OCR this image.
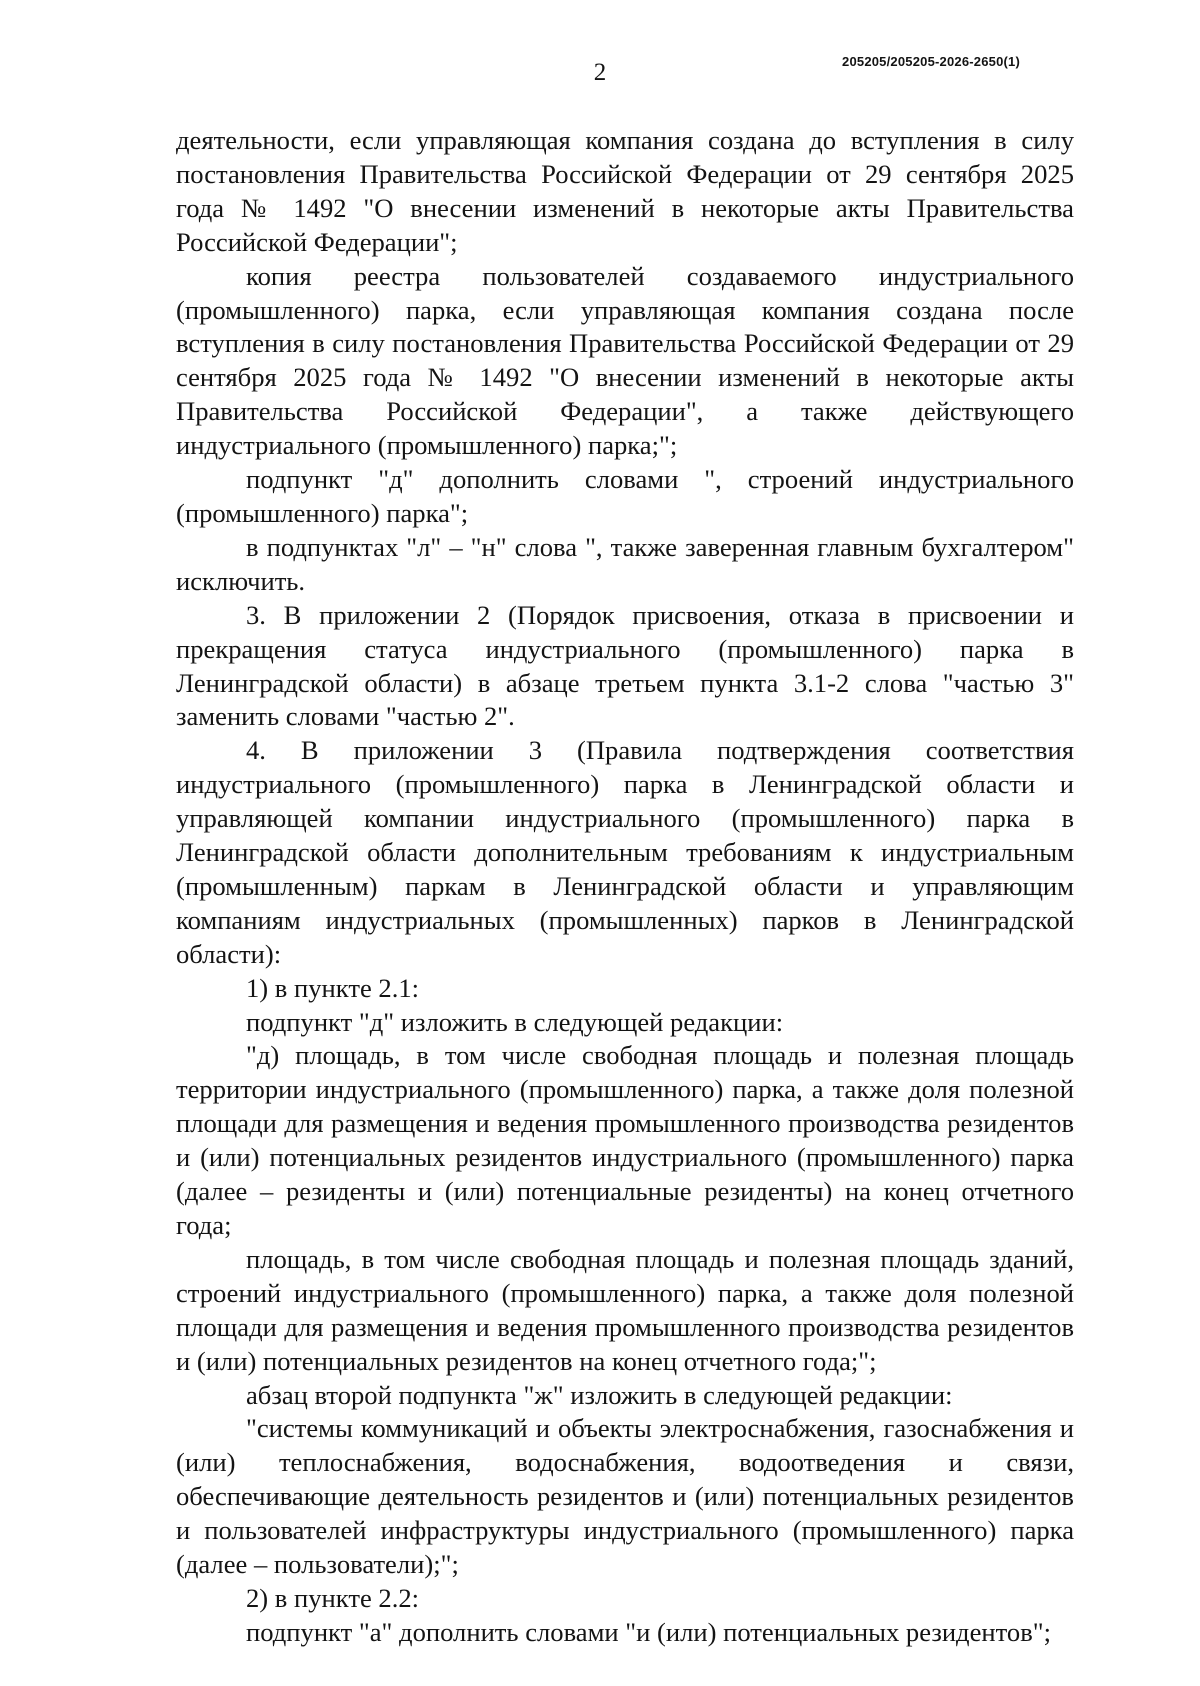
2	205205/205205-2026-2650(1)

деятельности, если управляющая компания создана до вступления в силу постановления Правительства Российской Федерации от 29 сентября 2025 года № 1492 "О внесении изменений в некоторые акты Правительства Российской Федерации";

копия реестра пользователей создаваемого индустриального (промышленного) парка, если управляющая компания создана после вступления в силу постановления Правительства Российской Федерации от 29 сентября 2025 года № 1492 "О внесении изменений в некоторые акты Правительства Российской Федерации", а также действующего индустриального (промышленного) парка;";

подпункт "д" дополнить словами ", строений индустриального (промышленного) парка";

в подпунктах "л" – "н" слова ", также заверенная главным бухгалтером" исключить.

3. В приложении 2 (Порядок присвоения, отказа в присвоении и прекращения статуса индустриального (промышленного) парка в Ленинградской области) в абзаце третьем пункта 3.1-2 слова "частью 3" заменить словами "частью 2".

4. В приложении 3 (Правила подтверждения соответствия индустриального (промышленного) парка в Ленинградской области и управляющей компании индустриального (промышленного) парка в Ленинградской области дополнительным требованиям к индустриальным (промышленным) паркам в Ленинградской области и управляющим компаниям индустриальных (промышленных) парков в Ленинградской области):

1) в пункте 2.1:

подпункт "д" изложить в следующей редакции:

"д) площадь, в том числе свободная площадь и полезная площадь территории индустриального (промышленного) парка, а также доля полезной площади для размещения и ведения промышленного производства резидентов и (или) потенциальных резидентов индустриального (промышленного) парка (далее – резиденты и (или) потенциальные резиденты) на конец отчетного года;

площадь, в том числе свободная площадь и полезная площадь зданий, строений индустриального (промышленного) парка, а также доля полезной площади для размещения и ведения промышленного производства резидентов и (или) потенциальных резидентов на конец отчетного года;";

абзац второй подпункта "ж" изложить в следующей редакции:

"системы коммуникаций и объекты электроснабжения, газоснабжения и (или) теплоснабжения, водоснабжения, водоотведения и связи, обеспечивающие деятельность резидентов и (или) потенциальных резидентов и пользователей инфраструктуры индустриального (промышленного) парка (далее – пользователи);";

2) в пункте 2.2:

подпункт "а" дополнить словами "и (или) потенциальных резидентов";
